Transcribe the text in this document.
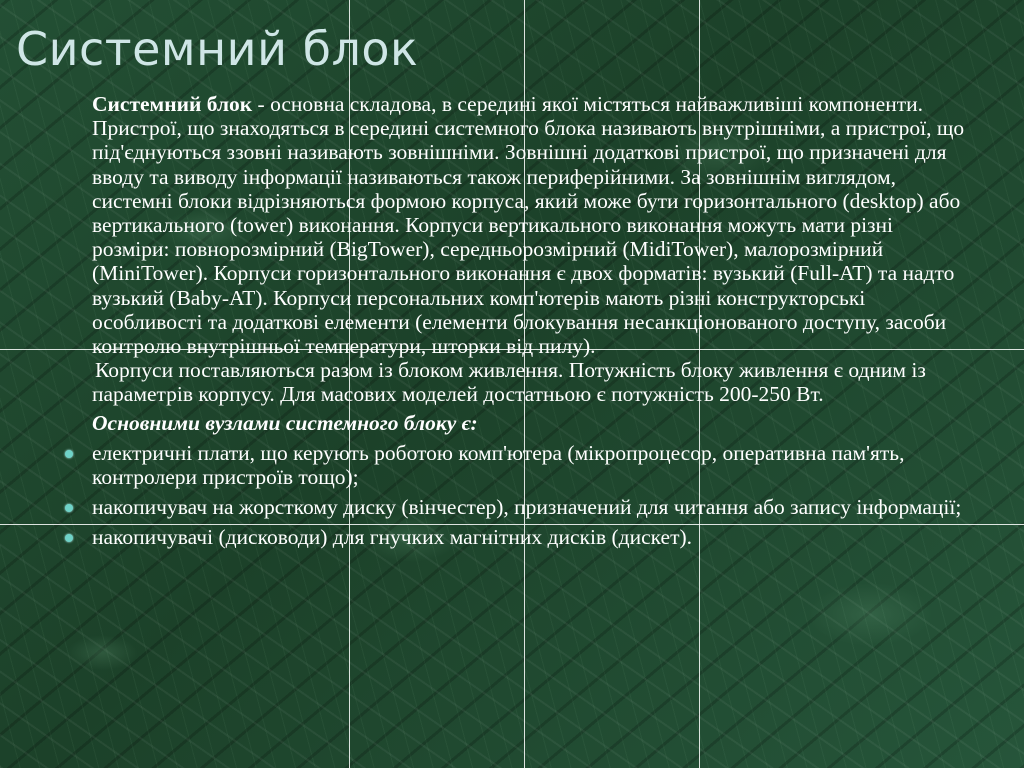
Системний блок

Системний блок - основна складова, в середині якої містяться найважливіші компоненти. Пристрої, що знаходяться в середині системного блока називають внутрішніми, а пристрої, що під'єднуються ззовні називають зовнішніми. Зовнішні додаткові пристрої, що призначені для вводу та виводу інформації називаються також периферійними. За зовнішнім виглядом, системні блоки відрізняються формою корпуса, який може бути горизонтального (desktop) або вертикального (tower) виконання. Корпуси вертикального виконання можуть мати різні розміри: повнорозмірний (BigTower), середньорозмірний (MidiTower), малорозмірний (MiniTower). Корпуси горизонтального виконання є двох форматів: вузький (Full-AT) та надто вузький (Baby-AT). Корпуси персональних комп'ютерів мають різні конструкторські особливості та додаткові елементи (елементи блокування несанкціонованого доступу, засоби контролю внутрішньої температури, шторки від пилу).

Корпуси поставляються разом із блоком живлення. Потужність блоку живлення є одним із параметрів корпусу. Для масових моделей достатньою є потужність 200-250 Вт.

Основними вузлами системного блоку є:

електричні плати, що керують роботою комп'ютера (мікропроцесор, оперативна пам'ять, контролери пристроїв тощо);
накопичувач на жорсткому диску (вінчестер), призначений для читання або запису інформації;
накопичувачі (дисководи) для гнучких магнітних дисків (дискет).
